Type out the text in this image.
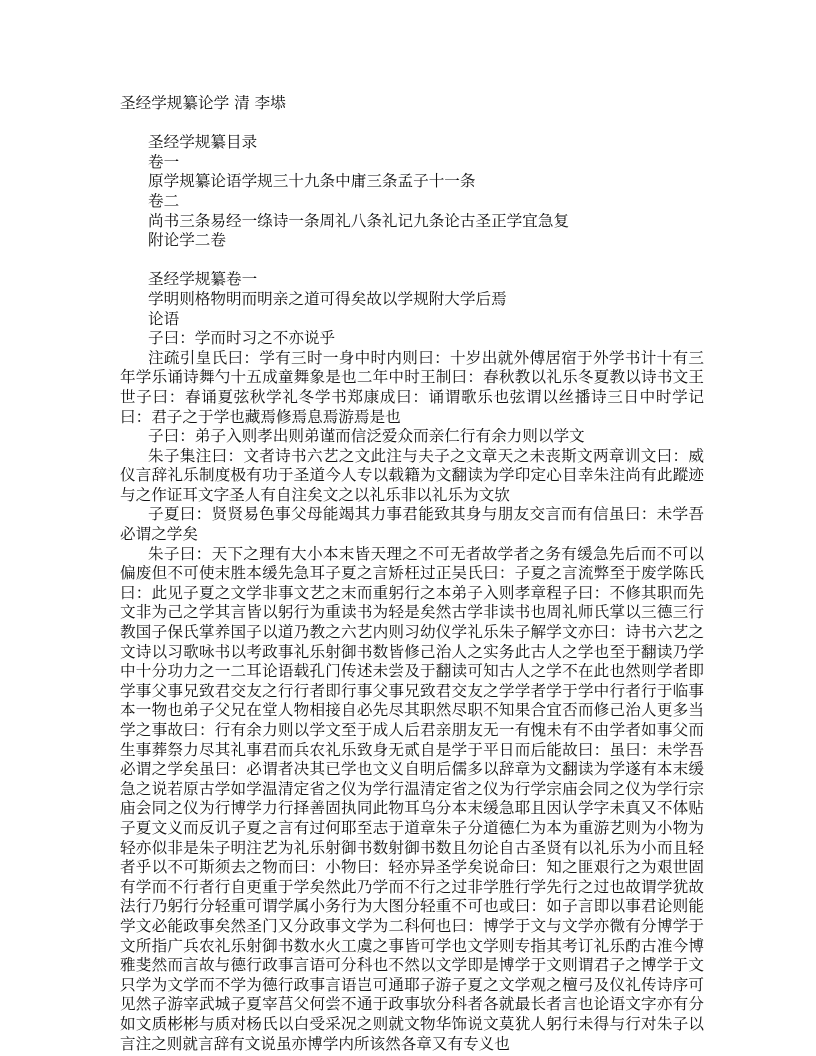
圣经学规纂论学 清 李塨

圣经学规纂目录

卷一

原学规纂论语学规三十九条中庸三条孟子十一条

卷二

尚书三条易经一绦诗一条周礼八条礼记九条论古圣正学宜急复

附论学二卷

圣经学规纂卷一

学明则格物明而明亲之道可得矣故以学规附大学后焉

论语

子曰：学而时习之不亦说乎

注疏引皇氏曰：学有三时一身中时内则曰：十岁出就外傅居宿于外学书计十有三年学乐诵诗舞勺十五成童舞象是也二年中时王制曰：春秋教以礼乐冬夏教以诗书文王世子曰：春诵夏弦秋学礼冬学书郑康成曰：诵谓歌乐也弦谓以丝播诗三日中时学记曰：君子之于学也藏焉修焉息焉游焉是也

子曰：弟子入则孝出则弟谨而信泛爱众而亲仁行有余力则以学文

朱子集注曰：文者诗书六艺之文此注与夫子之文章天之未丧斯文两章训文曰：威仪言辞礼乐制度极有功于圣道今人专以载籍为文翻读为学印定心目幸朱注尚有此蹤迹与之作证耳文字圣人有自注矣文之以礼乐非以礼乐为文欤

子夏曰：贤贤易色事父母能竭其力事君能致其身与朋友交言而有信虽曰：未学吾必谓之学矣

朱子曰：天下之理有大小本末皆天理之不可无者故学者之务有缓急先后而不可以偏废但不可使末胜本缓先急耳子夏之言矫枉过正吴氏曰：子夏之言流弊至于废学陈氏曰：此见子夏之文学非事文艺之末而重躬行之本弟子入则孝章程子曰：不修其职而先文非为己之学其言皆以躬行为重读书为轻是矣然古学非读书也周礼师氏掌以三德三行教国子保氏掌养国子以道乃教之六艺内则习幼仪学礼乐朱子解学文亦曰：诗书六艺之文诗以习歌咏书以考政事礼乐射御书数皆修己治人之实务此古人之学也至于翻读乃学中十分功力之一二耳论语载孔门传述未尝及于翻读可知古人之学不在此也然则学者即学事父事兄致君交友之行行者即行事父事兄致君交友之学学者学于学中行者行于临事本一物也弟子父兄在堂人物相接自必先尽其职然尽职不知果合宜否而修己治人更多当学之事故曰：行有余力则以学文至于成人后君亲朋友无一有愧未有不由学者如事父而生事葬祭力尽其礼事君而兵农礼乐致身无贰自是学于平日而后能故曰：虽曰：未学吾必谓之学矣虽曰：必谓者决其已学也文义自明后儒多以辞章为文翻读为学遂有本末缓急之说若原古学如学温清定省之仪为学行温清定省之仪为行学宗庙会同之仪为学行宗庙会同之仪为行博学力行择善固执同此物耳乌分本末缓急耶且因认学字未真又不体贴子夏文义而反讥子夏之言有过何耶至志于道章朱子分道德仁为本为重游艺则为小物为轻亦似非是朱子明注艺为礼乐射御书数射御书数且勿论自古圣贤有以礼乐为小而且轻者乎以不可斯须去之物而曰：小物曰：轻亦异圣学矣说命曰：知之匪艰行之为艰世固有学而不行者行自更重于学矣然此乃学而不行之过非学胜行学先行之过也故谓学犹故法行乃躬行分轻重可谓学属小务行为大图分轻重不可也或曰：如子言即以事君论则能学文必能政事矣然圣门又分政事文学为二科何也曰：博学于文与文学亦微有分博学于文所指广兵农礼乐射御书数水火工虞之事皆可学也文学则专指其考订礼乐酌古准今博雅斐然而言故与德行政事言语可分科也不然以文学即是博学于文则谓君子之博学于文只学为文学而不学为德行政事言语岂可通耶子游子夏之文学观之檀弓及仪礼传诗序可见然子游宰武城子夏宰莒父何尝不通于政事欤分科者各就最长者言也论语文字亦有分如文质彬彬与质对杨氏以白受采况之则就文物华饰说文莫犹人躬行未得与行对朱子以言注之则就言辞有文说虽亦博学内所该然各章又有专义也
